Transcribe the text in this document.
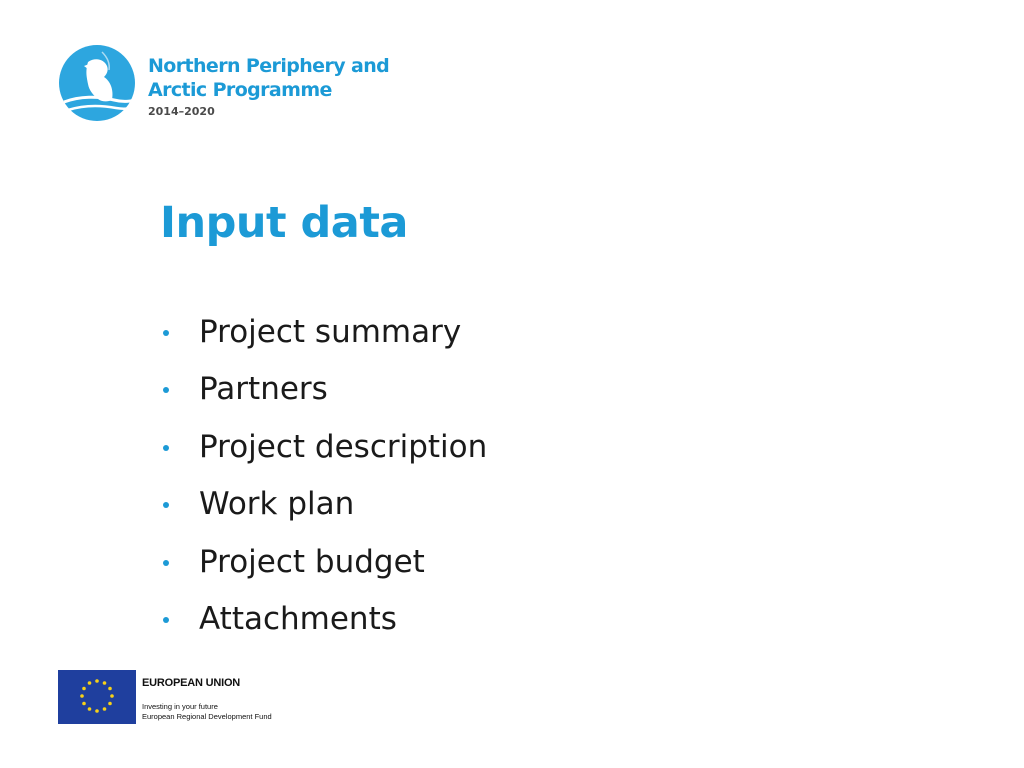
Northern Periphery and
Arctic Programme
2014–2020
Input data
Project summary
Partners
Project description
Work plan
Project budget
Attachments
EUROPEAN UNION
Investing in your future
European Regional Development Fund
